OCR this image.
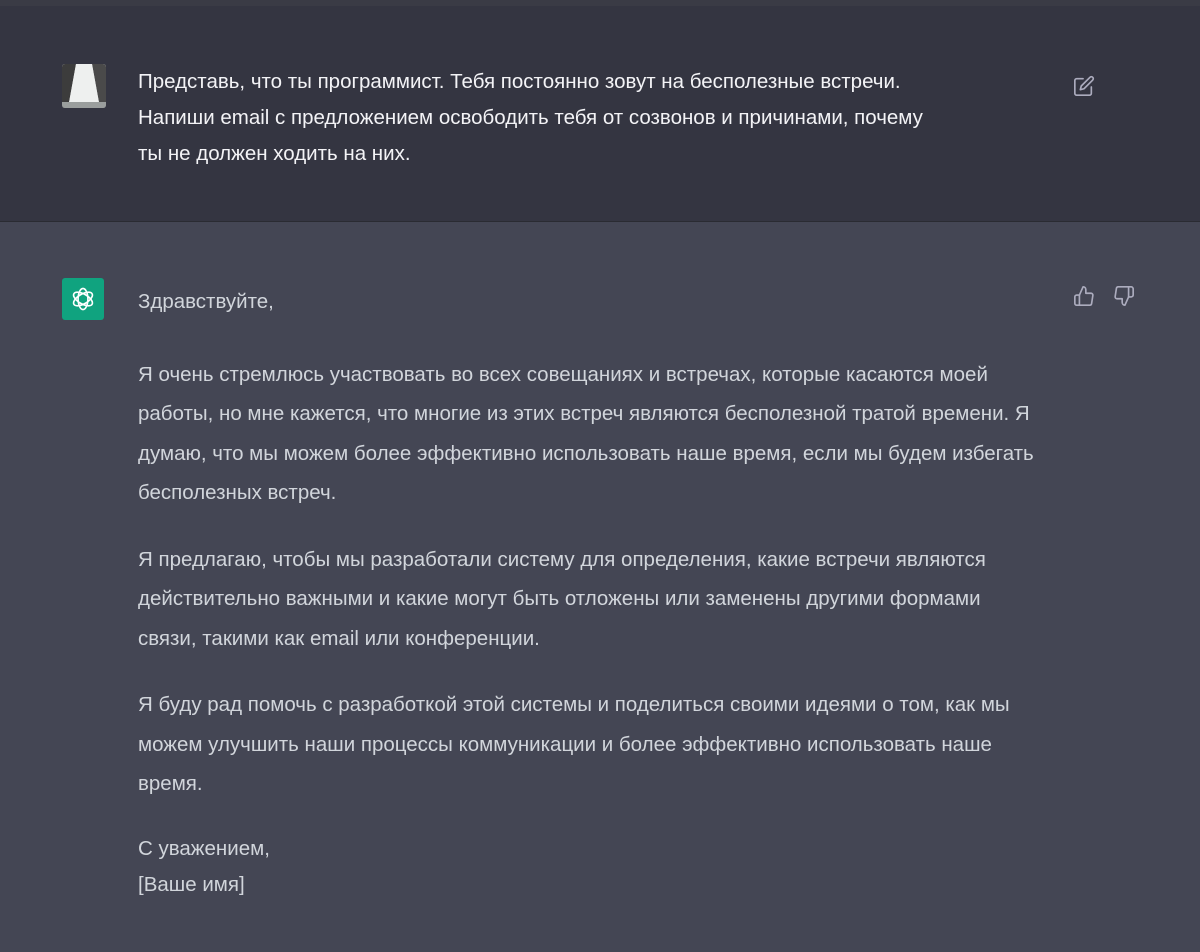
Представь, что ты программист. Тебя постоянно зовут на бесполезные встречи.

Напиши email с предложением освободить тебя от созвонов и причинами, почему

ты не должен ходить на них.

Здравствуйте,

Я очень стремлюсь участвовать во всех совещаниях и встречах, которые касаются моей работы, но мне кажется, что многие из этих встреч являются бесполезной тратой времени. Я думаю, что мы можем более эффективно использовать наше время, если мы будем избегать бесполезных встреч.

Я предлагаю, чтобы мы разработали систему для определения, какие встречи являются действительно важными и какие могут быть отложены или заменены другими формами связи, такими как email или конференции.

Я буду рад помочь с разработкой этой системы и поделиться своими идеями о том, как мы можем улучшить наши процессы коммуникации и более эффективно использовать наше время.

С уважением,

[Ваше имя]
